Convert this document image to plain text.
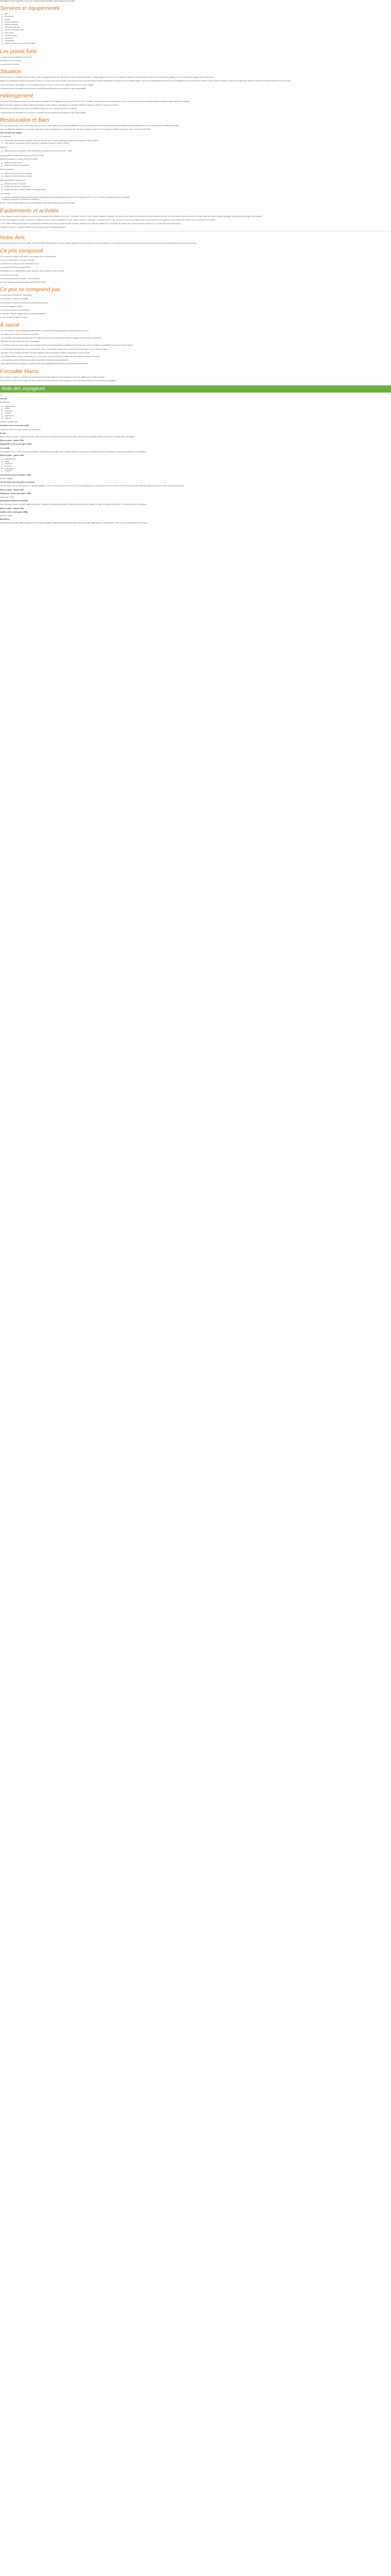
Description Ce prix comprend / Ce prix ne comprend pas Formalités Loge Voyageurs Avis Client
Services et équipements
Wifi
Restaurant
Piscine
Piscine extérieure
Piscine intérieure
Centre de bien-être
Sauna - Hammam - Spa
Club enfant
Terrain de sport
Ascenseur
Climatisation
Accès aux personnes à mobilité réduite
Les points forts

La qualité de ses installations et services

Sa situation en front de mer

Le confort des chambres

Situation

Dans le massif de la lointaine Estrie et l'océan, il est une plage immense, une côte blanche cachée derrière les dunes : la plage d'Agadir. Ici le doux pas et calme du sable fin et de la caresse du soleil. Ce pourrait être le paradis à 3 heures de vol plus grandes cités européennes.

Agadir est la principale destination balnéaire du Maroc, où vous pourrez vous adonner à vos loisirs et vous ressourcer dans le charme légendaire de la culture et de la tradition arabe. Vous serez la quintessence du bien-être en escapade et de la vie entre deux mondes. Votre complexe bénéficie, à pied, du quartier de la médina, la colline de l'ancienne kasbah, le port retrouvé.

L'Hôtel Riu Palace Tikida Agadir 5* est un véritable refuge de choix en bord de mer, idéalement placé sur la baie d'Agadir.

L'établissement est accessible aux personnes à mobilité réduite (chambres sur demande et selon disponibilité).

Hébergement

Le Palace Tikida Agadir se compose de 466 chambres réparties sur 4 étages au cœur d'un jardin de 10 000 m². Doubles, Junior suites et suites spacieuses, vous y trouverez une décoration élégante alliant modernité et style traditionnel marocain.

Elles sont toutes équipées de salle de bain avec baignoire, sèche-cheveux, climatisation, TV satellite, téléphone, minibar, coffre-fort, et balcon ou terrasse.

Moyennant un supplément, vous avez la possibilité d'opter pour une chambre standard vue piscine.

L'établissement est accessible aux personnes à mobilité réduite (chambres sur demande et selon disponibilité).

Restauration et Bars

Pour des vacances sans souci, votre séjour inclus la formule tout compris qui comprend les différents repas de la journée sous forme de buffet ainsi que les boissons locales alcoolisées ou non, et les snacks (voir détails ci-dessous).

Dans les différents restaurants, vous pouvez déguster la cuisine internationale ou marocaine, faire une pause détente au bar près de la piscine et profiter d'une soirée dans l'un des bars de l'hôtel.

Votre formule tout compris :

Petit déjeuner :

Buffet varié avec aliments complets, fruits, jus de fruits "Live" et show cooking au restaurant Le Sanlar de 07h00 à 10h30.
Petit déjeuner continental (formule snack au restaurant El Mara de 10h30 à 12h00).

Déjeuner :

Buffet avec show cooking et choix de desserts au restaurant El Mara de 12h30 - 15h30.

Snacks (pâtes au restaurant El Mara de 10h30 à 17h30).

Dîner au restaurant Le Sanlar de 19h00 à 22h00.

Buffets et plats variés
Buffets d'entrées et de desserts

Soirées spéciales :

Buffet à thème (3 fois par semaine)
Dîners de Noël et Nouvel An festifs

Dîner alternatif (sur réservation) :

Restaurant Saona "Krystal"
Restaurant marocain "Marrakech"
Restaurant Italien "Il Mare" (Buffet, tenu élégamment)

Les boissons

- Les boissons nationales et internationales (avec ou sans alcool) consommées dans les bars et les restaurants 24h/24 : jus, vins, bière, boissons gazeuses et cocktails.
- Le soupper concernant du minibar des chambres.

À noter : Tenue correcte exigée pour le dîner (pantalon et line shirt à manches pour les hommes).

Équipements et activités

L'hôtel dispose de vastes installations où vous seront proposés une multitude de services : une piscine extérieure avec chaises longues et parasols, une piscine pour enfants et une piscine intérieure chauffée en hiver, un centre de bien-être avec sauna, hammam, salle de fitness et espace massage. Accès gratuit à la plage et aux transats.

Pendant vos vacances à Agadir, vous pourrez pratiquer du sport comme le paintball, le beach-volley, le tennis ou l'aquagym, ou bien découvrir le spa, les soins, le squash ou l'espace kids. Des événements sont organisés tout au long de la semaine pour les adultes et les enfants.

Le Riu Palace Tikida Agadir propose un programme d'animation complet en journée comme en soirée, spectacles de danse et musique live, à l'exception du Sabbat soir. Un mini club pour enfants de 4 à 12 ans est ouvert tous les jours.

Clientèle concernée : certaines activités peuvent entraîner des frais supplémentaires.

Notre Avis

Proposant des infrastructures de qualité, l'Hôtel Riu Palace Tikida Agadir 5* est une adresse appréciée de la destination. Sa cuisine généreuse, ses chambres propres et bien tenues ainsi que la formule tout compris vous garantissent un séjour sans souci.

Ce prix comprend

Le vol spécial ou régulier aller/retour Francs/Agadir avec ou sans escale

L'accueil et l'assistance à l'aéroport d'arrivée

L'assistance sur place par notre représentant local

Les transferts aller/retour aéroport/hôtel

L'hébergement en chambre base double standard, selon la durée de séjour choisie

La formule tout compris

Les taxes d'aéroport et de sécurité : 85 € (Variable)

Les taxes aéroport qui peuvent varier entre 300 € et 2000 €

Ce prix ne comprend pas

Les assurances personnelles facultatives

Les dépenses de nature personnelle

Les excursions à réserver auprès de nos représentants locaux

Le port des bagages à l'hôtel

Les repas et boissons non mentionnés

Le montant : Frais de bagage selon la compagnie aérienne

La taxe de séjour à régler sur place

À savoir

- Pour les enfants : hôtel principalement par chambre : ils doivent être accompagnés d'un adulte de plus de 18 ans.

- Le check-in est à 14h00 et le check-out à 12h00.

- Les chambres sont supplémentaires dans les chambres (ce prix ne comprend pas l'impact écologique des émissions à convertir).

- Attention, les vols charter sont non-rembousables.

- Les horaires des vols, la surcharge, et la compagnie aérienne (le responsable de l'établissement se réserve le droit de modifier le programme) sont donnés à titre indicatif.

- Si une formalité administrative vous est demandée, celle-ci ne peut être ajoutée par nos services et ne fait l'objet d'aucun remboursement.

- Attention, lors de certaines périodes, les fêtes religieuses peuvent entraîner certaines restrictions au sein de l'hôtel.

- Seul l'établissement est tenu responsable du contrat conclu ainsi que de toute la validité des informations et contrats de service.

- Accès gratuit au sein de l'hôtel lors du séjour à la charge du client et non remboursable.

- Sauf indication dans le descriptif, le logement n'est pas nécessairement adapté aux personnes à mobilité réduite.

Formalité Maroc

Pour un séjour au Maroc, il convient aux ressortissants français de disposer d'un passeport en cours de validité pour la durée du séjour.

Vous pouvez consulter les formalités de santé et de police nécessaires pour votre voyage sur le site www.diplomatie.gouv.fr/fr/conseils-aux-voyageurs/

Note des voyageurs

4.4

Très bon

Sur 349 Avis

Emplacement
Literie
Chambres
Services
Qualité/prix
Propreté

Voir les 3 derniers avis

seroa062 a écrit un avis (juin 2026)

Croisez sur Ibiza, Provence Europe et 2 votre séjour.

Au top

Super endroit très beau. Chambre très belle, moderne spacieuse. Restauration très bonne et variée, personnel très agréable, accueil chaleureux. Un régal. Cadre merveilleux.

Date du séjour : janvier 2026

Hugo41259 a écrit un avis (janv. 2026)

Je conseille

Je conseille l'hôtel. Le hall d'accueil est splendide, la restauration de qualité et les chambres propres. La piscine a une dimension idéale. Seul bémol : les repas sont parfois un peu répétitifs.

Date du séjour : janvier 2026

Emplacement
Literie
Chambres
Services
Qualité/prix
Propreté

robertbear a écrit un avis (janv. 2026)

Seville, Espagne

Très bel hotel mais des points à améliorer

Très bel hotel avec une belle piscine, un spa très agréable. J'ai eu le droit à une chambre face à la mer ce qui était super. Le personnel est très accueillant. Petit bémol sur la restauration qui manque un peu de variété pour les repas du soir.

Date du séjour : janvier 2026

30flymame a écrit un avis (janv. 2026)

Chaumont, France

Une superbe adresse à conseiller

Hôtel idéalement situé. Excellent rapport qualité prix. Chambres et restaurant agréables. Belle piscine et personnel attentif. Un régal de calme et de détente. Très bonne formule tout compris.

Date du séjour : janvier 2026

ma406 a écrit un avis (janv. 2026)

Auxerre, France

Merveilleux

Un superbe séjour dans cette magnifique hôtel et toujours complet. Emplacement parfait avec accès direct à la plage. Belle piscine, excellent buffet, merci à tout le personnel pour son accueil.
